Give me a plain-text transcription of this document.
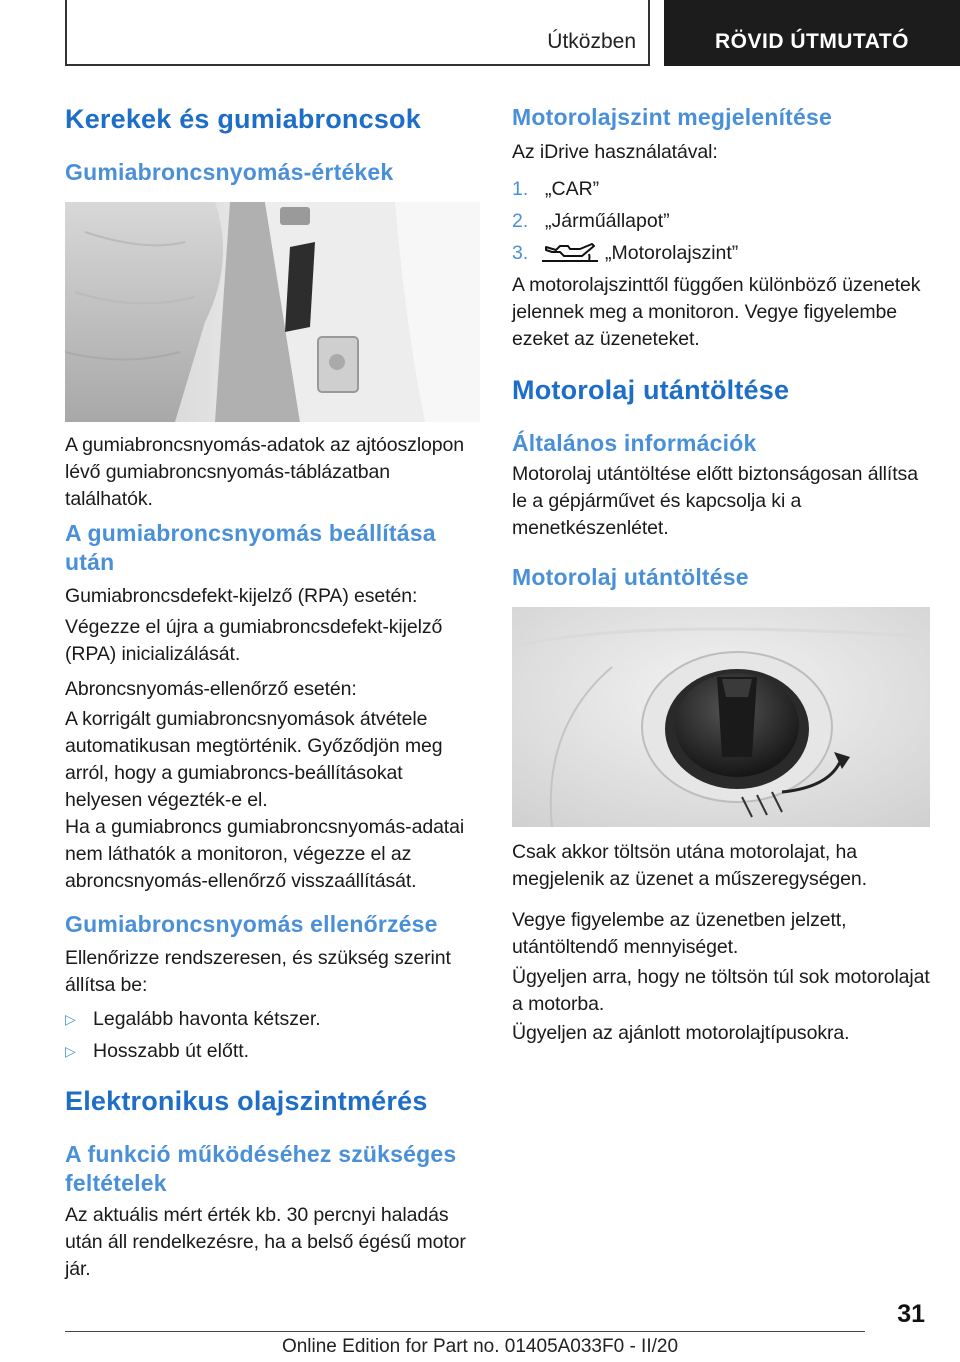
Útközben	RÖVID ÚTMUTATÓ
Kerekek és gumiabroncsok
Gumiabroncsnyomás-értékek
A gumiabroncsnyomás-adatok az ajtóoszlopon lévő gumiabroncsnyomás-táblázatban találhatók.
A gumiabroncsnyomás beállítása után
Gumiabroncsdefekt-kijelző (RPA) esetén:
Végezze el újra a gumiabroncsdefekt-kijelző (RPA) inicializálását.
Abroncsnyomás-ellenőrző esetén:
A korrigált gumiabroncsnyomások átvétele automatikusan megtörténik. Győződjön meg arról, hogy a gumiabroncs-beállításokat helyesen végezték-e el.
Ha a gumiabroncs gumiabroncsnyomás-adatai nem láthatók a monitoron, végezze el az abroncsnyomás-ellenőrző visszaállítását.
Gumiabroncsnyomás ellenőrzése
Ellenőrizze rendszeresen, és szükség szerint állítsa be:
▷ Legalább havonta kétszer.
▷ Hosszabb út előtt.
Elektronikus olajszintmérés
A funkció működéséhez szükséges feltételek
Az aktuális mért érték kb. 30 percnyi haladás után áll rendelkezésre, ha a belső égésű motor jár.
Motorolajszint megjelenítése
Az iDrive használatával:
1. „CAR”
2. „Járműállapot”
3.	„Motorolajszint”
A motorolajszinttől függően különböző üzenetek jelennek meg a monitoron. Vegye figyelembe ezeket az üzeneteket.
Motorolaj utántöltése
Általános információk
Motorolaj utántöltése előtt biztonságosan állítsa le a gépjárművet és kapcsolja ki a menetkészenlétet.
Motorolaj utántöltése
Csak akkor töltsön utána motorolajat, ha megjelenik az üzenet a műszeregységen.
Vegye figyelembe az üzenetben jelzett, utántöltendő mennyiséget.
Ügyeljen arra, hogy ne töltsön túl sok motorolajat a motorba.
Ügyeljen az ajánlott motorolajtípusokra.
31
Online Edition for Part no. 01405A033F0 - II/20
